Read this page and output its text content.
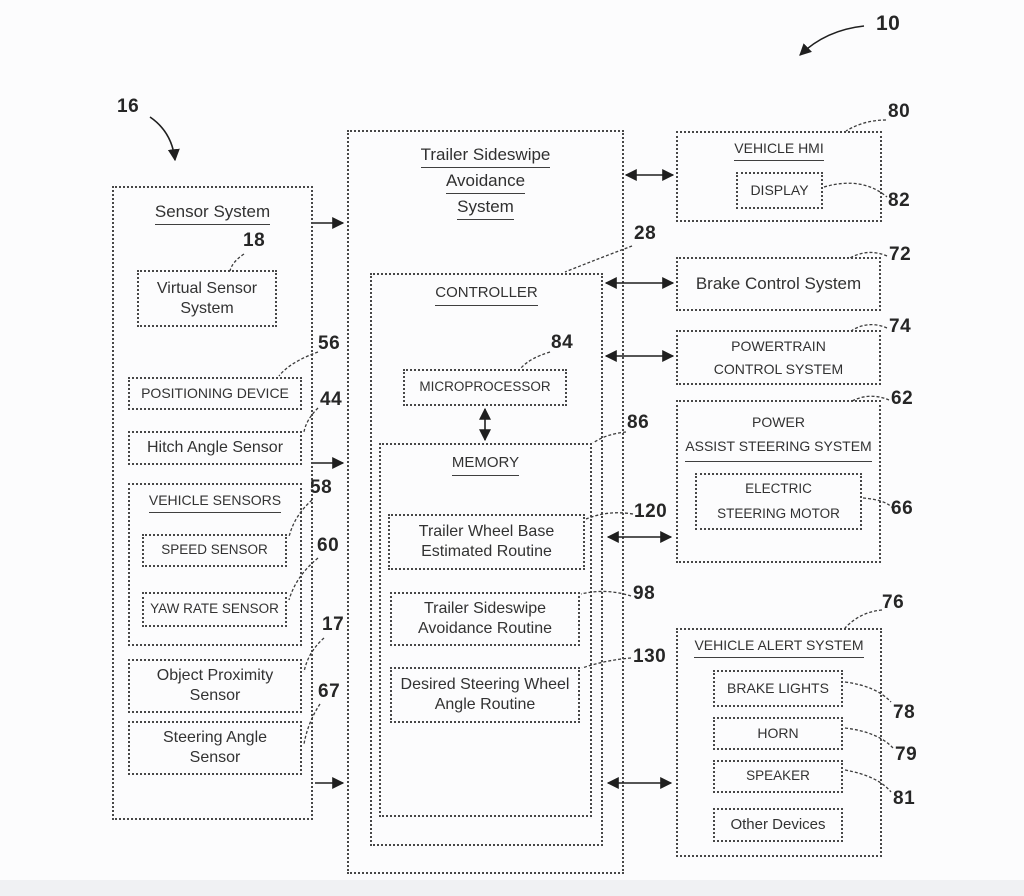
Sensor System
Virtual Sensor System
POSITIONING DEVICE
Hitch Angle Sensor
VEHICLE SENSORS
SPEED SENSOR
YAW RATE SENSOR
Object Proximity Sensor
Steering Angle Sensor
Trailer Sideswipe
Avoidance
System
CONTROLLER
MICROPROCESSOR
MEMORY
Trailer Wheel Base Estimated Routine
Trailer Sideswipe Avoidance Routine
Desired Steering Wheel Angle Routine
VEHICLE HMI
DISPLAY
Brake Control System
POWERTRAIN CONTROL SYSTEM
POWER
ASSIST STEERING SYSTEM
ELECTRIC STEERING MOTOR
VEHICLE ALERT SYSTEM
BRAKE LIGHTS
HORN
SPEAKER
Other Devices
10
16
18
56
44
58
60
17
67
28
84
86
120
98
130
80
82
72
74
62
66
76
78
79
81
